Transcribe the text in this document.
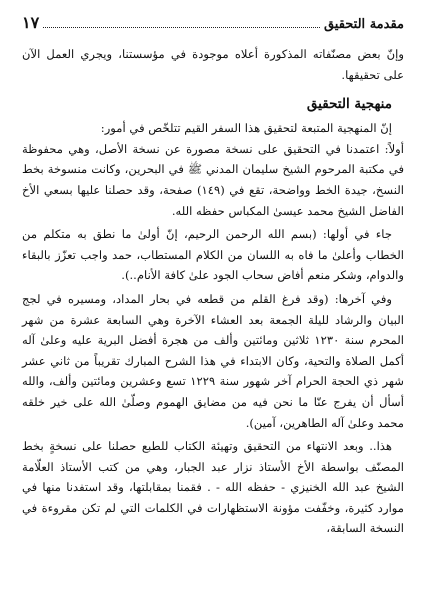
مقدمة التحقيق
١٧

وإنّ بعض مصنّفاته المذكورة أعلاه موجودة في مؤسستنا، ويجري العمل الآن على تحقيقها.

منهجية التحقيق

إنّ المنهجية المتبعة لتحقيق هذا السفر القيم تتلخّص في أمور:

أولاً: اعتمدنا في التحقيق على نسخة مصورة عن نسخة الأصل، وهي محفوظة في مكتبة المرحوم الشيخ سليمان المدني ﷺ في البحرين، وكانت منسوخة بخط النسخ، جيدة الخط وواضحة، تقع في (١٤٩) صفحة، وقد حصلنا عليها بسعي الأخ الفاضل الشيخ محمد عيسىٰ المكباس حفظه الله.

جاء في أولها: (بسم الله الرحمن الرحيم، إنّ أولىٰ ما نطق به متكلم من الخطاب وأعلىٰ ما فاه به اللسان من الكلام المستطاب، حمد واجب تعزّز بالبقاء والدوام، وشكر منعم أفاض سحاب الجود علىٰ كافة الأنام..).

وفي آخرها: (وقد فرغ القلم من قطعه في بحار المداد، ومسيره في لجج البيان والرشاد لليلة الجمعة بعد العشاء الآخرة وهي السابعة عشرة من شهر المحرم سنة ١٢٣٠ ثلاثين ومائتين وألف من هجرة أفضل البرية عليه وعلىٰ آله أكمل الصلاة والتحية، وكان الابتداء في هذا الشرح المبارك تقريباً من ثاني عشر شهر ذي الحجة الحرام آخر شهور سنة ١٢٢٩ تسع وعشرين ومائتين وألف، والله أسأل أن يفرج عنّا ما نحن فيه من مضايق الهموم وصلّىٰ الله على خير خلقه محمد وعلىٰ آله الطاهرين، آمين).

هذا.. وبعد الانتهاء من التحقيق وتهيئة الكتاب للطبع حصلنا على نسخةٍ بخط المصنّف بواسطة الأخ الأستاذ نزار عبد الجبار، وهي من كتب الأستاذ العلّامة الشيخ عبد الله الخنيزي - حفظه الله - . فقمنا بمقابلتها، وقد استفدنا منها في موارد كثيرة، وخفّفت مؤونة الاستظهارات في الكلمات التي لم تكن مقروءة في النسخة السابقة،
